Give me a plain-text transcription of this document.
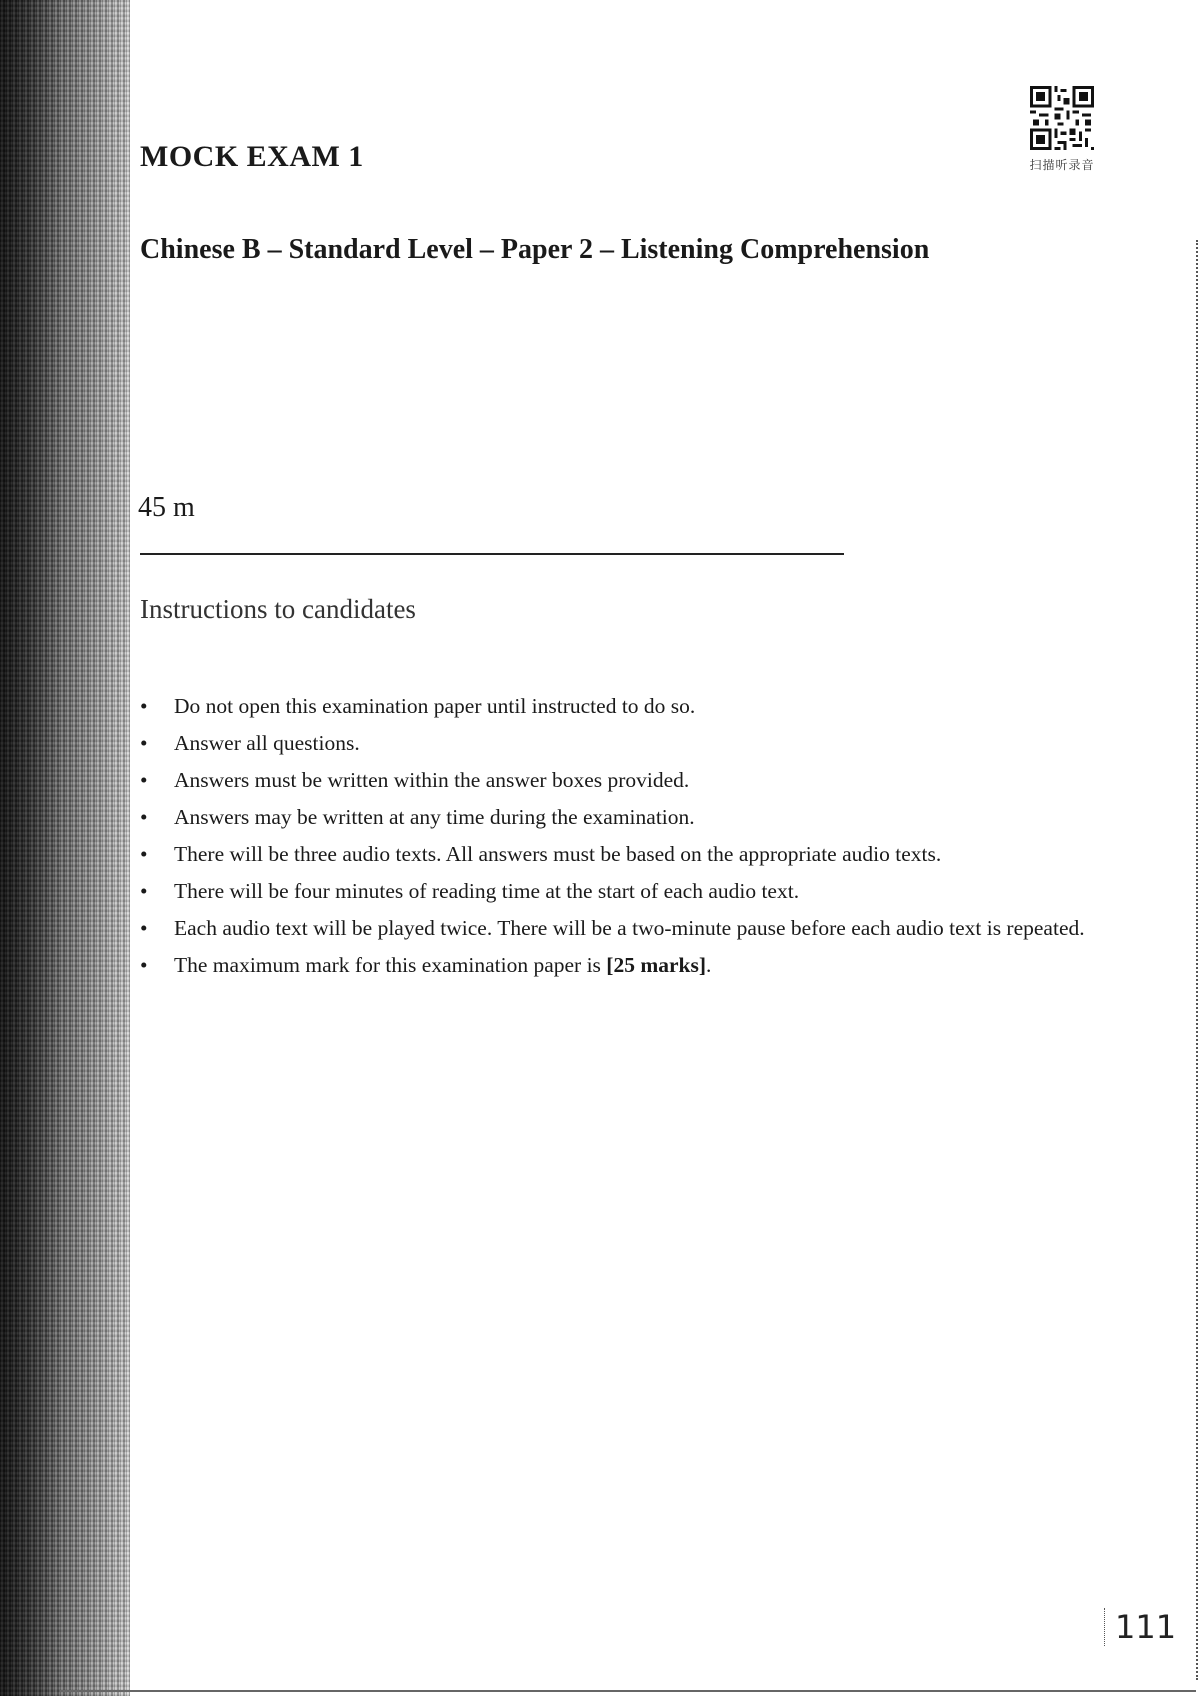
MOCK EXAM 1	扫描听录音
Chinese B – Standard Level – Paper 2 – Listening Comprehension
45 m
Instructions to candidates
• Do not open this examination paper until instructed to do so.
• Answer all questions.
• Answers must be written within the answer boxes provided.
• Answers may be written at any time during the examination.
• There will be three audio texts. All answers must be based on the appropriate audio texts.
• There will be four minutes of reading time at the start of each audio text.
• Each audio text will be played twice. There will be a two-minute pause before each audio text is repeated.
• The maximum mark for this examination paper is [25 marks].
111
